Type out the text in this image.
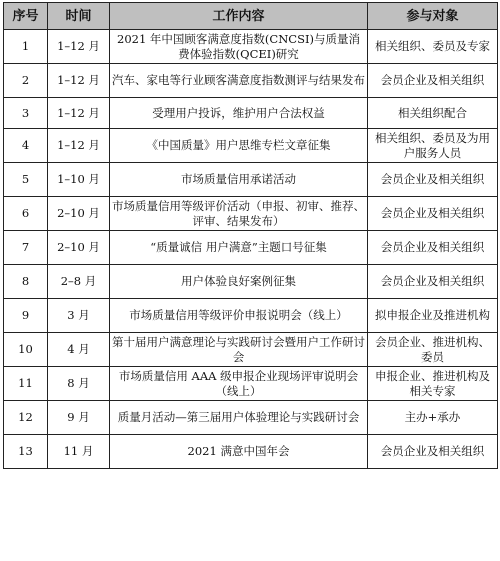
序号	时间	工作内容	参与对象
1	1–12 月	2021 年中国顾客满意度指数(CNCSI)与质量消费体验指数(QCEI)研究	相关组织、委员及专家
2	1–12 月	汽车、家电等行业顾客满意度指数测评与结果发布	会员企业及相关组织
3	1–12 月	受理用户投诉，维护用户合法权益	相关组织配合
4	1–12 月	《中国质量》用户思维专栏文章征集	相关组织、委员及为用户服务人员
5	1–10 月	市场质量信用承诺活动	会员企业及相关组织
6	2–10 月	市场质量信用等级评价活动（申报、初审、推荐、评审、结果发布）	会员企业及相关组织
7	2–10 月	“质量诚信 用户满意”主题口号征集	会员企业及相关组织
8	2–8 月	用户体验良好案例征集	会员企业及相关组织
9	3 月	市场质量信用等级评价申报说明会（线上）	拟申报企业及推进机构
10	4 月	第十届用户满意理论与实践研讨会暨用户工作研讨会	会员企业、推进机构、委员
11	8 月	市场质量信用 AAA 级申报企业现场评审说明会（线上）	申报企业、推进机构及相关专家
12	9 月	质量月活动—第三届用户体验理论与实践研讨会	主办+承办
13	11 月	2021 满意中国年会	会员企业及相关组织
